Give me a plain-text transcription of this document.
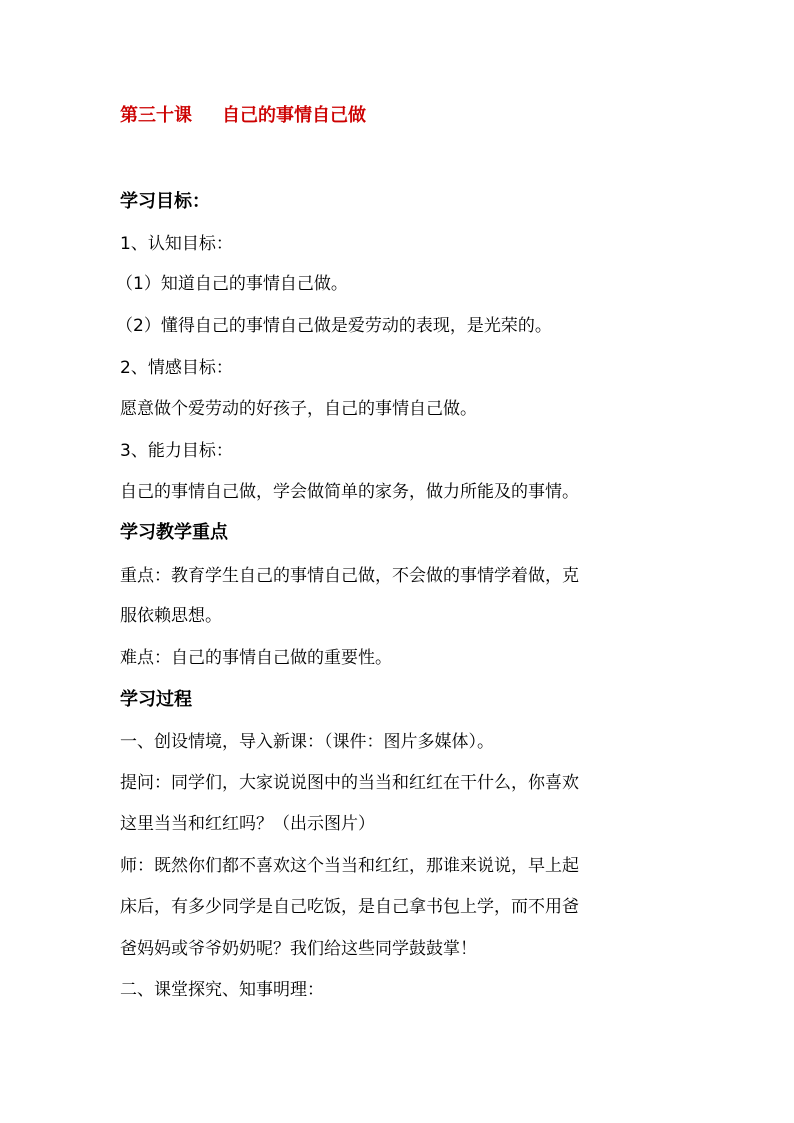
第三十课 自己的事情自己做
学习目标：
1、认知目标：
（1）知道自己的事情自己做。
（2）懂得自己的事情自己做是爱劳动的表现，是光荣的。
2、情感目标：
愿意做个爱劳动的好孩子，自己的事情自己做。
3、能力目标：
自己的事情自己做，学会做简单的家务，做力所能及的事情。
学习教学重点
重点：教育学生自己的事情自己做，不会做的事情学着做，克
服依赖思想。
难点：自己的事情自己做的重要性。
学习过程
一、创设情境，导入新课：（课件：图片多媒体）。
提问：同学们，大家说说图中的当当和红红在干什么，你喜欢
这里当当和红红吗？（出示图片）
师：既然你们都不喜欢这个当当和红红，那谁来说说，早上起
床后，有多少同学是自己吃饭，是自己拿书包上学，而不用爸
爸妈妈或爷爷奶奶呢？我们给这些同学鼓鼓掌！
二、课堂探究、知事明理：
